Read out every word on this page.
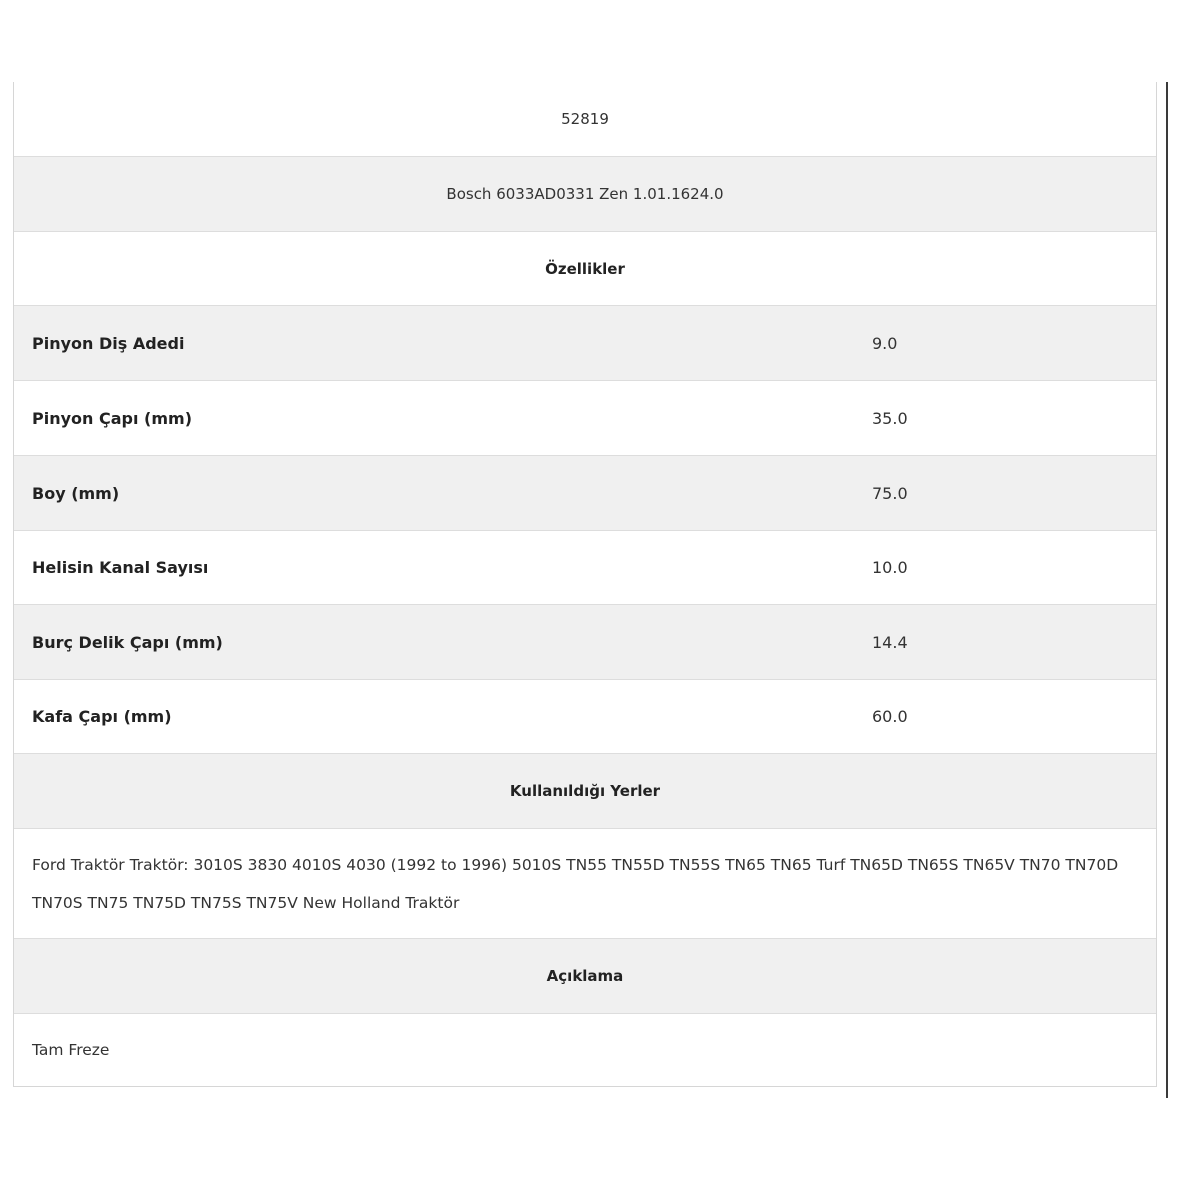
52819
Bosch 6033AD0331 Zen 1.01.1624.0
Özellikler
Pinyon Diş Adedi	9.0
Pinyon Çapı (mm)	35.0
Boy (mm)	75.0
Helisin Kanal Sayısı	10.0
Burç Delik Çapı (mm)	14.4
Kafa Çapı (mm)	60.0
Kullanıldığı Yerler
Ford Traktör Traktör: 3010S 3830 4010S 4030 (1992 to 1996) 5010S TN55 TN55D TN55S TN65 TN65 Turf TN65D TN65S TN65V TN70 TN70D TN70S TN75 TN75D TN75S TN75V New Holland Traktör
Açıklama
Tam Freze
